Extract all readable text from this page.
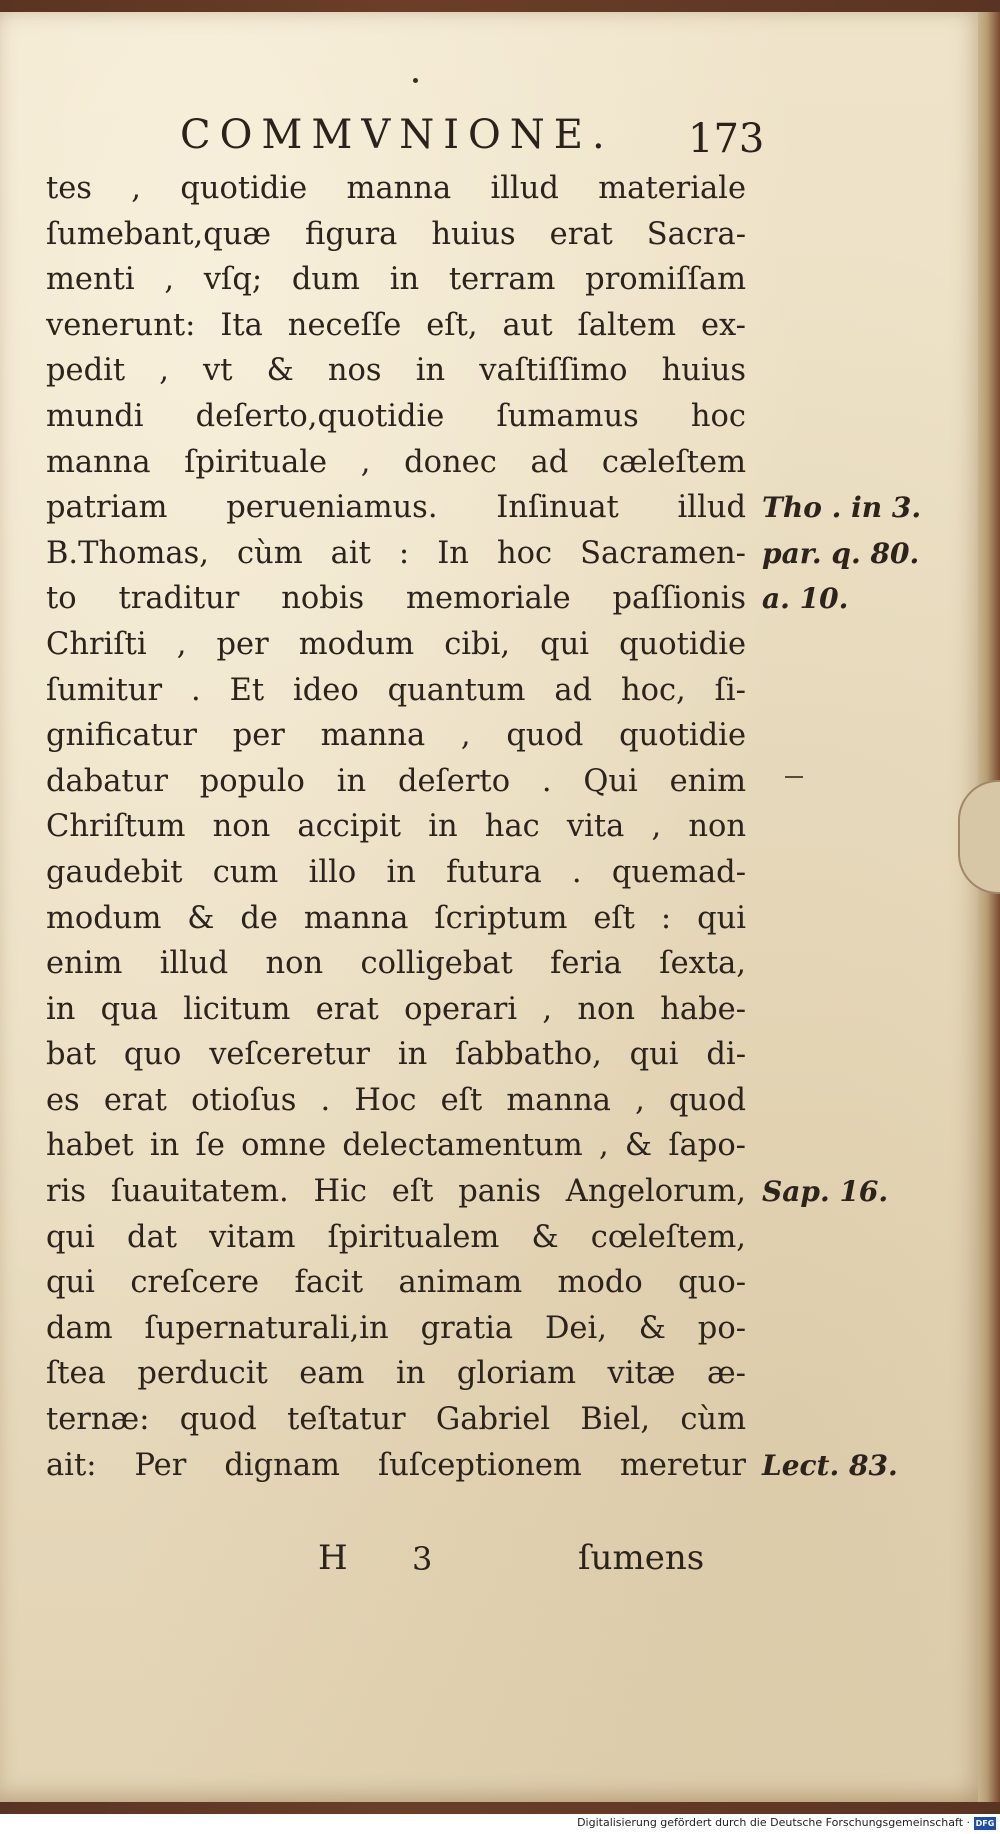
COMMVNIONE. 173
tes , quotidie manna illud materiale
ſumebant,quæ figura huius erat Sacra-
menti , vſq; dum in terram promiſſam
venerunt: Ita neceſſe eſt, aut ſaltem ex-
pedit , vt & nos in vaſtiſſimo huius
mundi deſerto,quotidie ſumamus hoc
manna ſpirituale , donec ad cæleſtem
patriam perueniamus. Inſinuat illud
B.Thomas, cùm ait : In hoc Sacramen-
to traditur nobis memoriale paſſionis
Chriſti , per modum cibi, qui quotidie
ſumitur . Et ideo quantum ad hoc, ſi-
gnificatur per manna , quod quotidie
dabatur populo in deſerto . Qui enim
Chriſtum non accipit in hac vita , non
gaudebit cum illo in futura . quemad-
modum & de manna ſcriptum eſt : qui
enim illud non colligebat feria ſexta,
in qua licitum erat operari , non habe-
bat quo veſceretur in ſabbatho, qui di-
es erat otioſus . Hoc eſt manna , quod
habet in ſe omne delectamentum , & ſapo-
ris ſuauitatem. Hic eſt panis Angelorum,
qui dat vitam ſpiritualem & cœleſtem,
qui creſcere facit animam modo quo-
dam ſupernaturali,in gratia Dei, & po-
ſtea perducit eam in gloriam vitæ æ-
ternæ: quod teſtatur Gabriel Biel, cùm
ait: Per dignam ſuſceptionem meretur
Tho . in 3.
par. q. 80.
a. 10.
Sap. 16.
Lect. 83.
H 3	ſumens
Digitalisierung gefördert durch die Deutsche Forschungsgemeinschaft · DFG
